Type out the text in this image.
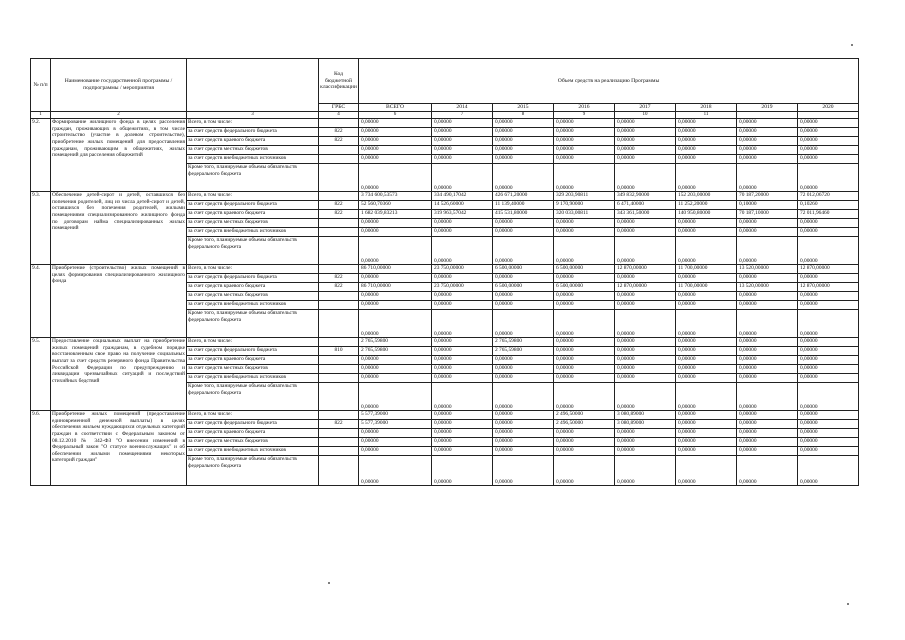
№ п/п	Наименование государственной программы / подпрограммы / мероприятия		Код бюджетной классификации	Объем средств на реализацию Программы							
			ГРБС	ВСЕГО	2014	2015	2016	2017	2018	2019	2020
1	2	3	4	6	7	8	9	10	11		
9.2.	Формирование жилищного фонда в целях расселения граждан, проживающих в общежитиях, в том числе строительство (участие в долевом строительстве), приобретение жилых помещений для предоставления гражданам, проживающим в общежитиях, жилых помещений для расселения общежитий	Всего, в том числе:		0,00000	0,00000	0,00000	0,00000	0,00000	0,00000	0,00000	0,00000
		за счет средств федерального бюджета	822	0,00000	0,00000	0,00000	0,00000	0,00000	0,00000	0,00000	0,00000
		за счет средств краевого бюджета	822	0,00000	0,00000	0,00000	0,00000	0,00000	0,00000	0,00000	0,00000
		за счет средств местных бюджетов		0,00000	0,00000	0,00000	0,00000	0,00000	0,00000	0,00000	0,00000
		за счет средств внебюджетных источников		0,00000	0,00000	0,00000	0,00000	0,00000	0,00000	0,00000	0,00000
		Кроме того, планируемые объемы обязательств федерального бюджета		0,00000	0,00000	0,00000	0,00000	0,00000	0,00000	0,00000	0,00000
9.3.	Обеспечение детей-сирот и детей, оставшихся без попечения родителей, лиц из числа детей-сирот и детей, оставшихся без попечения родителей, жилыми помещениями специализированного жилищного фонда по договорам найма специализированных жилых помещений	Всего, в том числе:		3 734 600,53573	334 490,17042	426 671,20000	329 203,90811	349 832,90000	152 203,00000	70 187,20000	72 012,06720
		за счет средств федерального бюджета	822	52 560,70360	14 526,60000	11 139,40000	9 170,90000	6 471,40000	11 252,20000	0,10000	0,10260
		за счет средств краевого бюджета	822	1 682 039,83213	319 963,57042	415 531,80000	320 033,00811	343 361,50000	140 950,80000	70 187,10000	72 011,96460
		за счет средств местных бюджетов		0,00000	0,00000	0,00000	0,00000	0,00000	0,00000	0,00000	0,00000
		за счет средств внебюджетных источников		0,00000	0,00000	0,00000	0,00000	0,00000	0,00000	0,00000	0,00000
		Кроме того, планируемые объемы обязательств федерального бюджета		0,00000	0,00000	0,00000	0,00000	0,00000	0,00000	0,00000	0,00000
9.4.	Приобретение (строительство) жилых помещений в целях формирования специализированного жилищного фонда	Всего, в том числе:		86 710,00000	23 750,00000	6 500,00000	6 500,00000	12 870,00000	11 700,00000	13 520,00000	12 870,00000
		за счет средств федерального бюджета	822	0,00000	0,00000	0,00000	0,00000	0,00000	0,00000	0,00000	0,00000
		за счет средств краевого бюджета	822	86 710,00000	23 750,00000	6 500,00000	6 500,00000	12 870,00000	11 700,00000	13 520,00000	12 870,00000
		за счет средств местных бюджетов		0,00000	0,00000	0,00000	0,00000	0,00000	0,00000	0,00000	0,00000
		за счет средств внебюджетных источников		0,00000	0,00000	0,00000	0,00000	0,00000	0,00000	0,00000	0,00000
		Кроме того, планируемые объемы обязательств федерального бюджета		0,00000	0,00000	0,00000	0,00000	0,00000	0,00000	0,00000	0,00000
9.5.	Предоставление социальных выплат на приобретение жилых помещений гражданам, в судебном порядке восстановленным свое право на получение социальных выплат за счет средств резервного фонда Правительства Российской Федерации по предупреждению и ликвидации чрезвычайных ситуаций и последствий стихийных бедствий	Всего, в том числе:		2 765,59800	0,00000	2 765,59800	0,00000	0,00000	0,00000	0,00000	0,00000
		за счет средств федерального бюджета	810	2 765,59800	0,00000	2 765,59800	0,00000	0,00000	0,00000	0,00000	0,00000
		за счет средств краевого бюджета		0,00000	0,00000	0,00000	0,00000	0,00000	0,00000	0,00000	0,00000
		за счет средств местных бюджетов		0,00000	0,00000	0,00000	0,00000	0,00000	0,00000	0,00000	0,00000
		за счет средств внебюджетных источников		0,00000	0,00000	0,00000	0,00000	0,00000	0,00000	0,00000	0,00000
		Кроме того, планируемые объемы обязательств федерального бюджета		0,00000	0,00000	0,00000	0,00000	0,00000	0,00000	0,00000	0,00000
9.6.	Приобретение жилых помещений (предоставление единовременной денежной выплаты) в целях обеспечения жильем нуждающихся отдельных категорий граждан в соответствии с Федеральным законом от 08.12.2010 № 342-ФЗ "О внесении изменений в Федеральный закон "О статусе военнослужащих" и об обеспечении жилыми помещениями некоторых категорий граждан"	Всего, в том числе:		5 577,39000	0,00000	0,00000	2 496,50000	3 080,89000	0,00000	0,00000	0,00000
		за счет средств федерального бюджета	822	5 577,39000	0,00000	0,00000	2 496,50000	3 080,89000	0,00000	0,00000	0,00000
		за счет средств краевого бюджета		0,00000	0,00000	0,00000	0,00000	0,00000	0,00000	0,00000	0,00000
		за счет средств местных бюджетов		0,00000	0,00000	0,00000	0,00000	0,00000	0,00000	0,00000	0,00000
		за счет средств внебюджетных источников		0,00000	0,00000	0,00000	0,00000	0,00000	0,00000	0,00000	0,00000
		Кроме того, планируемые объемы обязательств федерального бюджета		0,00000	0,00000	0,00000	0,00000	0,00000	0,00000	0,00000	0,00000
